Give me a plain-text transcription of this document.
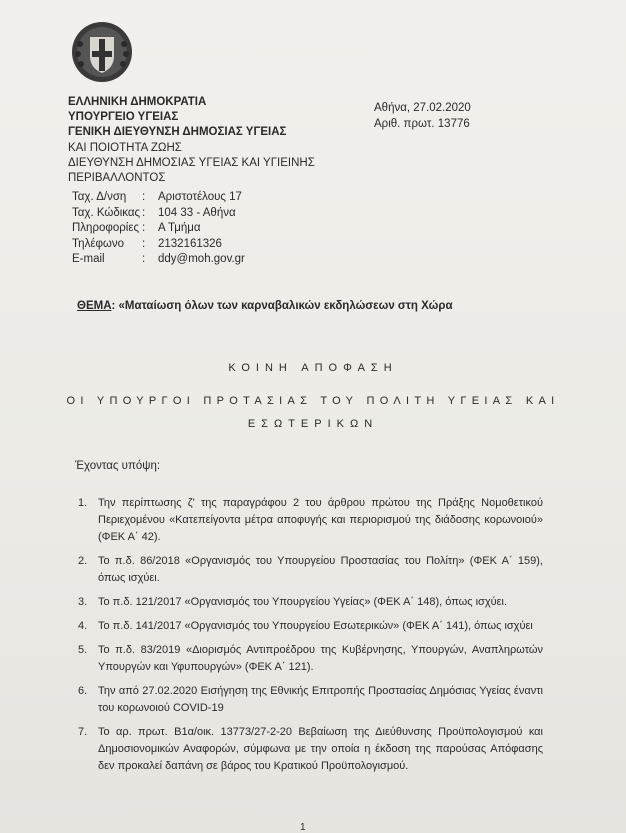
ΕΛΛΗΝΙΚΗ ΔΗΜΟΚΡΑΤΙΑ
ΥΠΟΥΡΓΕΙΟ ΥΓΕΙΑΣ
ΓΕΝΙΚΗ ΔΙΕΥΘΥΝΣΗ ΔΗΜΟΣΙΑΣ ΥΓΕΙΑΣ
ΚΑΙ ΠΟΙΟΤΗΤΑ ΖΩΗΣ
ΔΙΕΥΘΥΝΣΗ ΔΗΜΟΣΙΑΣ ΥΓΕΙΑΣ ΚΑΙ ΥΓΙΕΙΝΗΣ
ΠΕΡΙΒΑΛΛΟΝΤΟΣ
Ταχ. Δ/νση	:	Αριστοτέλους 17
Ταχ. Κώδικας :	104 33 - Αθήνα
Πληροφορίες :	Α Τμήμα
Τηλέφωνο	:	2132161326
E-mail	:	ddy@moh.gov.gr
Αθήνα, 27.02.2020
Αριθ. πρωτ. 13776
ΘΕΜΑ: «Ματαίωση όλων των καρναβαλικών εκδηλώσεων στη Χώρα
ΚΟΙΝΗ ΑΠΟΦΑΣΗ
ΟΙ ΥΠΟΥΡΓΟΙ ΠΡΟΤΑΣΙΑΣ ΤΟΥ ΠΟΛΙΤΗ ΥΓΕΙΑΣ ΚΑΙ
ΕΣΩΤΕΡΙΚΩΝ
Έχοντας υπόψη:
1. Την περίπτωσης ζ' της παραγράφου 2 του άρθρου πρώτου της Πράξης Νομοθετικού Περιεχομένου «Κατεπείγοντα μέτρα αποφυγής και περιορισμού της διάδοσης κορωνοιού» (ΦΕΚ Α΄ 42).
2. Το π.δ. 86/2018 «Οργανισμός του Υπουργείου Προστασίας του Πολίτη» (ΦΕΚ Α΄ 159), όπως ισχύει.
3. Το π.δ. 121/2017 «Οργανισμός του Υπουργείου Υγείας» (ΦΕΚ Α΄ 148), όπως ισχύει.
4. Το π.δ. 141/2017 «Οργανισμός του Υπουργείου Εσωτερικών» (ΦΕΚ Α΄ 141), όπως ισχύει
5. Το π.δ. 83/2019 «Διορισμός Αντιπροέδρου της Κυβέρνησης, Υπουργών, Αναπληρωτών Υπουργών και Υφυπουργών» (ΦΕΚ Α΄ 121).
6. Την από 27.02.2020 Εισήγηση της Εθνικής Επιτροπής Προστασίας Δημόσιας Υγείας έναντι του κορωνοιού COVID-19
7. Το αρ. πρωτ. Β1α/οικ. 13773/27-2-20 Βεβαίωση της Διεύθυνσης Προϋπολογισμού και Δημοσιονομικών Αναφορών, σύμφωνα με την οποία η έκδοση της παρούσας Απόφασης δεν προκαλεί δαπάνη σε βάρος του Κρατικού Προϋπολογισμού.
1
